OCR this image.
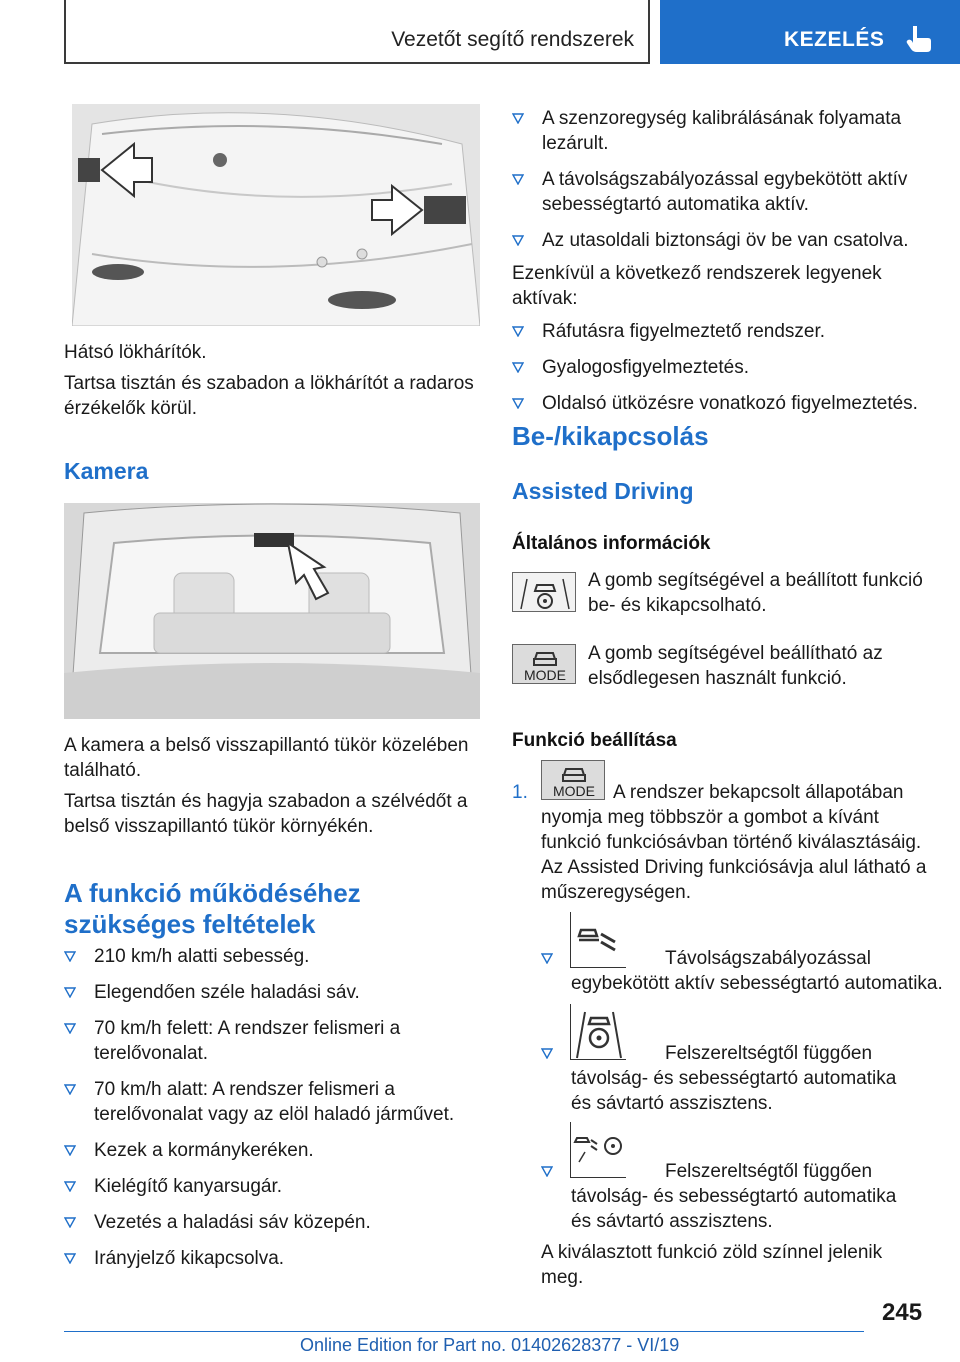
Vezetőt segítő rendszerek	KEZELÉS

Hátsó lökhárítók.

Tartsa tisztán és szabadon a lökhárítót a radaros érzékelők körül.

Kamera

A kamera a belső visszapillantó tükör közelében található.

Tartsa tisztán és hagyja szabadon a szélvédőt a belső visszapillantó tükör környékén.

A funkció működéséhez szükséges feltételek
210 km/h alatti sebesség.
Elegendően széle haladási sáv.
70 km/h felett: A rendszer felismeri a terelővonalat.
70 km/h alatt: A rendszer felismeri a terelővonalat vagy az elöl haladó járművet.
Kezek a kormánykeréken.
Kielégítő kanyarsugár.
Vezetés a haladási sáv közepén.
Irányjelző kikapcsolva.
A szenzoregység kalibrálásának folyamata lezárult.
A távolságszabályozással egybekötött aktív sebességtartó automatika aktív.
Az utasoldali biztonsági öv be van csatolva.

Ezenkívül a következő rendszerek legyenek aktívak:

Ráfutásra figyelmeztető rendszer.
Gyalogosfigyelmeztetés.
Oldalsó ütközésre vonatkozó figyelmeztetés.
Be-/kikapcsolás
Assisted Driving
Általános információk

A gomb segítségével a beállított funkció be- és kikapcsolható.

MODE

A gomb segítségével beállítható az elsődlegesen használt funkció.

Funkció beállítása
1.	MODE A rendszer bekapcsolt állapotában nyomja meg többször a gombot a kívánt funkció funkciósávban történő kiválasztásáig. Az Assisted Driving funkciósávja alul látható a műszeregységen.

Távolságszabályozással egybekötött aktív sebességtartó automatika.

Felszereltségtől függően távolság- és sebességtartó automatika és sávtartó asszisztens.

Felszereltségtől függően távolság- és sebességtartó automatika és sávtartó asszisztens.

A kiválasztott funkció zöld színnel jelenik meg.

245
Online Edition for Part no. 01402628377 - VI/19
